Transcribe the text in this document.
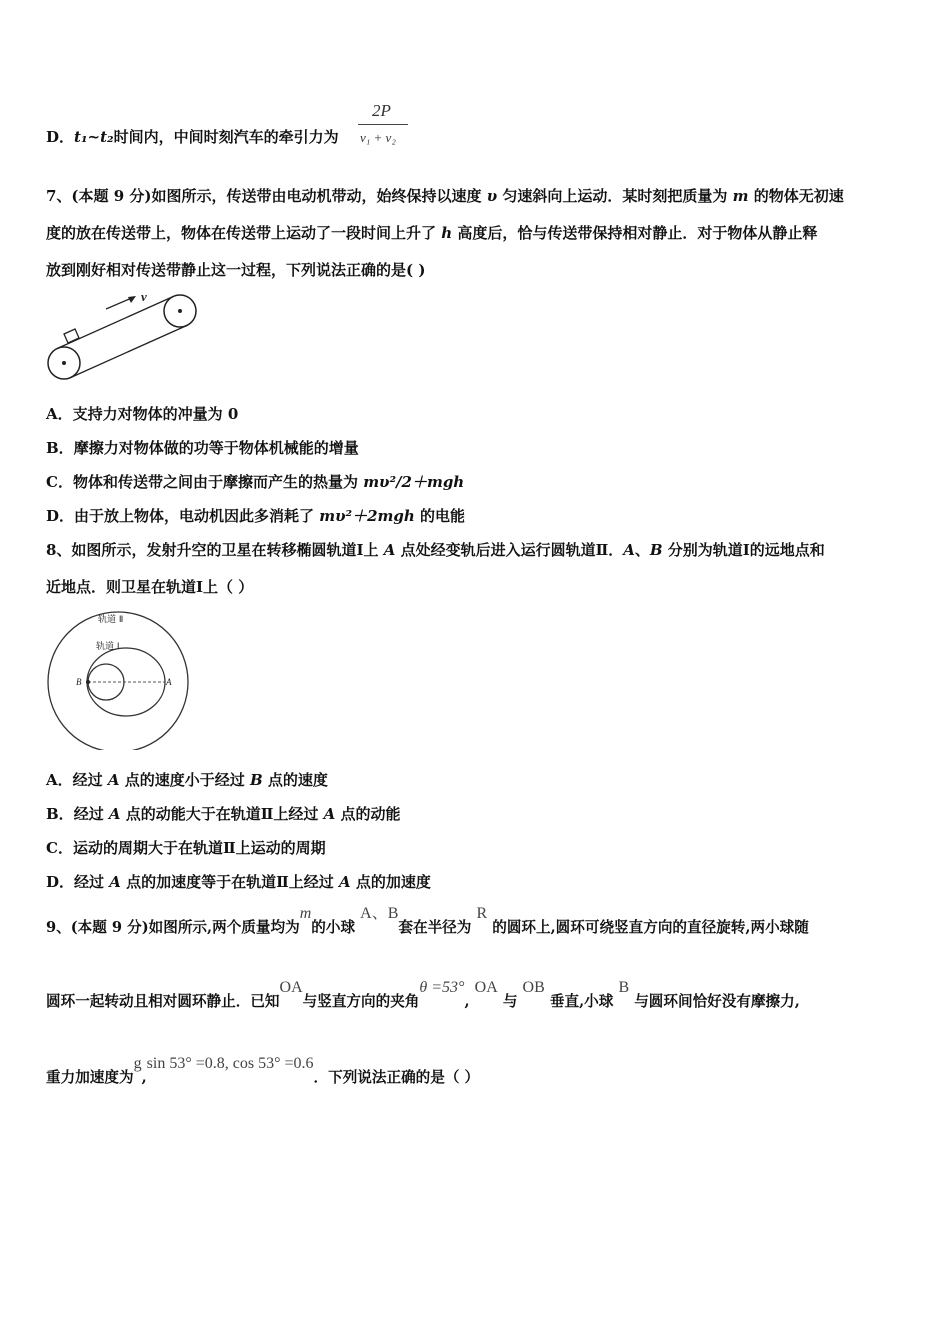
D．t₁~t₂时间内，中间时刻汽车的牵引力为
2P
v₁ + v₂
7、(本题 9 分)如图所示，传送带由电动机带动，始终保持以速度 υ 匀速斜向上运动．某时刻把质量为 m 的物体无初速
度的放在传送带上，物体在传送带上运动了一段时间上升了 h 高度后，恰与传送带保持相对静止．对于物体从静止释
放到刚好相对传送带静止这一过程，下列说法正确的是( )
v
A．支持力对物体的冲量为 0
B．摩擦力对物体做的功等于物体机械能的增量
C．物体和传送带之间由于摩擦而产生的热量为 mυ²/2＋mgh
D．由于放上物体，电动机因此多消耗了 mυ²＋2mgh 的电能
8、如图所示，发射升空的卫星在转移椭圆轨道Ⅰ上 A 点处经变轨后进入运行圆轨道Ⅱ．A、B 分别为轨道Ⅰ的远地点和
近地点．则卫星在轨道Ⅰ上（ ）
轨道 Ⅱ
轨道 Ⅰ
B	A
A．经过 A 点的速度小于经过 B 点的速度
B．经过 A 点的动能大于在轨道Ⅱ上经过 A 点的动能
C．运动的周期大于在轨道Ⅱ上运动的周期
D．经过 A 点的加速度等于在轨道Ⅱ上经过 A 点的加速度
9、(本题 9 分)如图所示,两个质量均为m的小球 A、B套在半径为 R 的圆环上,圆环可绕竖直方向的直径旋转,两小球随
圆环一起转动且相对圆环静止．已知OA与竖直方向的夹角θ =53°, OA 与 OB 垂直,小球 B 与圆环间恰好没有摩擦力,
重力加速度为g,sin 53° =0.8, cos 53° =0.6．下列说法正确的是（ ）
